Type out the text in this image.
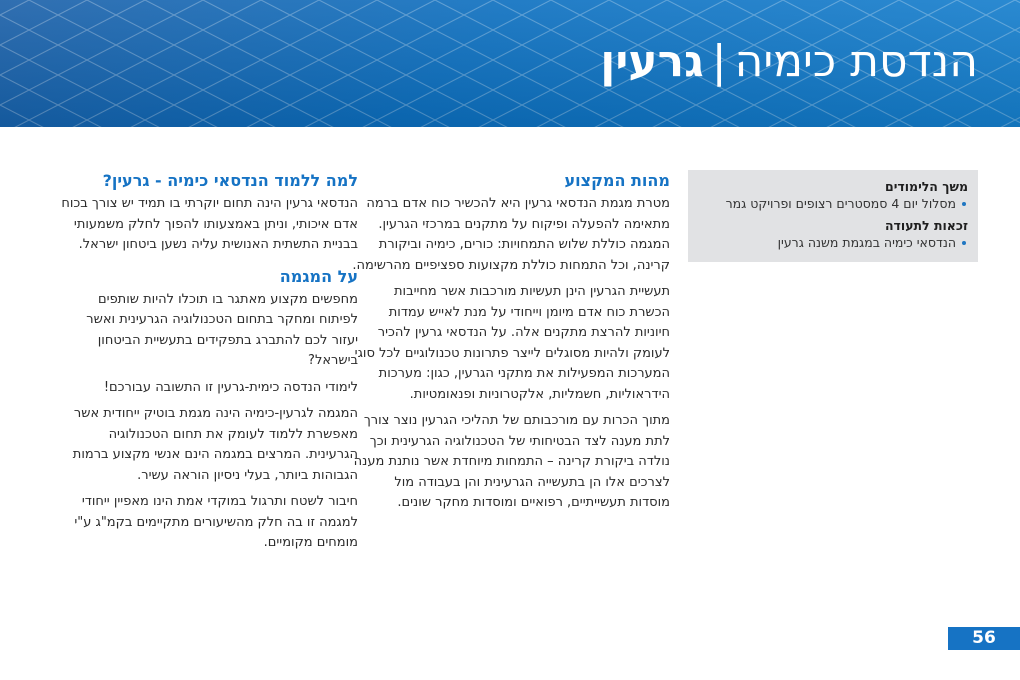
הנדסת כימיה|גרעין
משך הלימודים
מסלול יום 4 סמסטרים רצופים ופרויקט גמר
זכאות לתעודה
הנדסאי כימיה במגמת משנה גרעין
מהות המקצוע

מטרת מגמת הנדסאי גרעין היא להכשיר כוח אדם ברמה מתאימה להפעלה ופיקוח על מתקנים במרכזי הגרעין. המגמה כוללת שלוש התמחויות: כורים, כימיה וביקורת קרינה, וכל התמחות כוללת מקצועות ספציפיים מהרשימה.

תעשיית הגרעין הינן תעשיות מורכבות אשר מחייבות הכשרת כוח אדם מיומן וייחודי על מנת לאייש עמדות חיוניות להרצת מתקנים אלה. על הנדסאי גרעין להכיר לעומק ולהיות מסוגלים לייצר פתרונות טכנולוגיים לכל סוגי המערכות המפעילות את מתקני הגרעין, כגון: מערכות הידראוליות, חשמליות, אלקטרוניות ופנאומטיות.

מתוך הכרות עם מורכבותם של תהליכי הגרעין נוצר צורך לתת מענה לצד הבטיחותי של הטכנולוגיה הגרעינית וכך נולדה ביקורת קרינה – התמחות מיוחדת אשר נותנת מענה לצרכים אלו הן בתעשייה הגרעינית והן בעבודה מול מוסדות תעשייתיים, רפואיים ומוסדות מחקר שונים.

למה ללמוד הנדסאי כימיה - גרעין?

הנדסאי גרעין הינה תחום יוקרתי בו תמיד יש צורך בכוח אדם איכותי, וניתן באמצעותו להפוך לחלק משמעותי בבניית התשתית האנושית עליה נשען ביטחון ישראל.

על המגמה

מחפשים מקצוע מאתגר בו תוכלו להיות שותפים לפיתוח ומחקר בתחום הטכנולוגיה הגרעינית ואשר יעזור לכם להתברג בתפקידים בתעשיית הביטחון בישראל?

לימודי הנדסה כימית-גרעין זו התשובה עבורכם!

המגמה לגרעין-כימיה הינה מגמת בוטיק ייחודית אשר מאפשרת ללמוד לעומק את תחום הטכנולוגיה הגרעינית. המרצים במגמה הינם אנשי מקצוע ברמות הגבוהות ביותר, בעלי ניסיון הוראה עשיר.

חיבור לשטח ותרגול במוקדי אמת הינו מאפיין ייחודי למגמה זו בה חלק מהשיעורים מתקיימים בקמ"ג ע"י מומחים מקומיים.

56
